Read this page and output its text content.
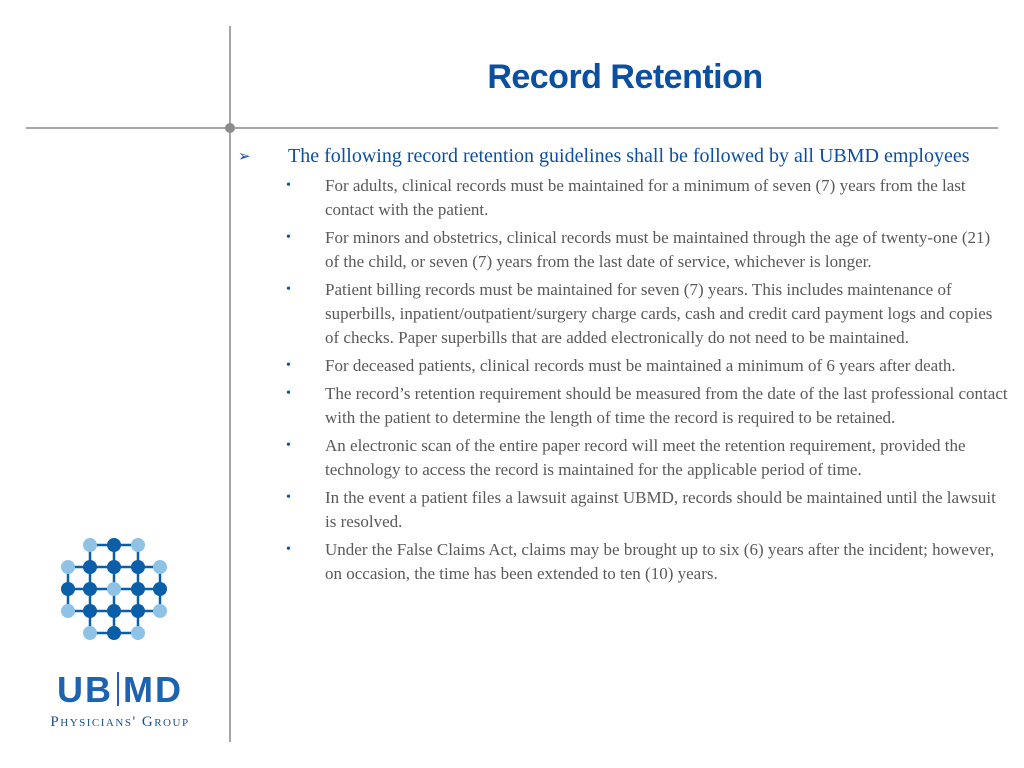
Record Retention
➢ The following record retention guidelines shall be followed by all UBMD employees
• For adults, clinical records must be maintained for a minimum of seven (7) years from the last contact with the patient.
• For minors and obstetrics, clinical records must be maintained through the age of twenty-one (21) of the child, or seven (7) years from the last date of service, whichever is longer.
• Patient billing records must be maintained for seven (7) years. This includes maintenance of superbills, inpatient/outpatient/surgery charge cards, cash and credit card payment logs and copies of checks. Paper superbills that are added electronically do not need to be maintained.
• For deceased patients, clinical records must be maintained a minimum of 6 years after death.
• The record’s retention requirement should be measured from the date of the last professional contact with the patient to determine the length of time the record is required to be retained.
• An electronic scan of the entire paper record will meet the retention requirement, provided the technology to access the record is maintained for the applicable period of time.
• In the event a patient files a lawsuit against UBMD, records should be maintained until the lawsuit is resolved.
• Under the False Claims Act, claims may be brought up to six (6) years after the incident; however, on occasion, the time has been extended to ten (10) years.
UB MD
Physicians' Group
